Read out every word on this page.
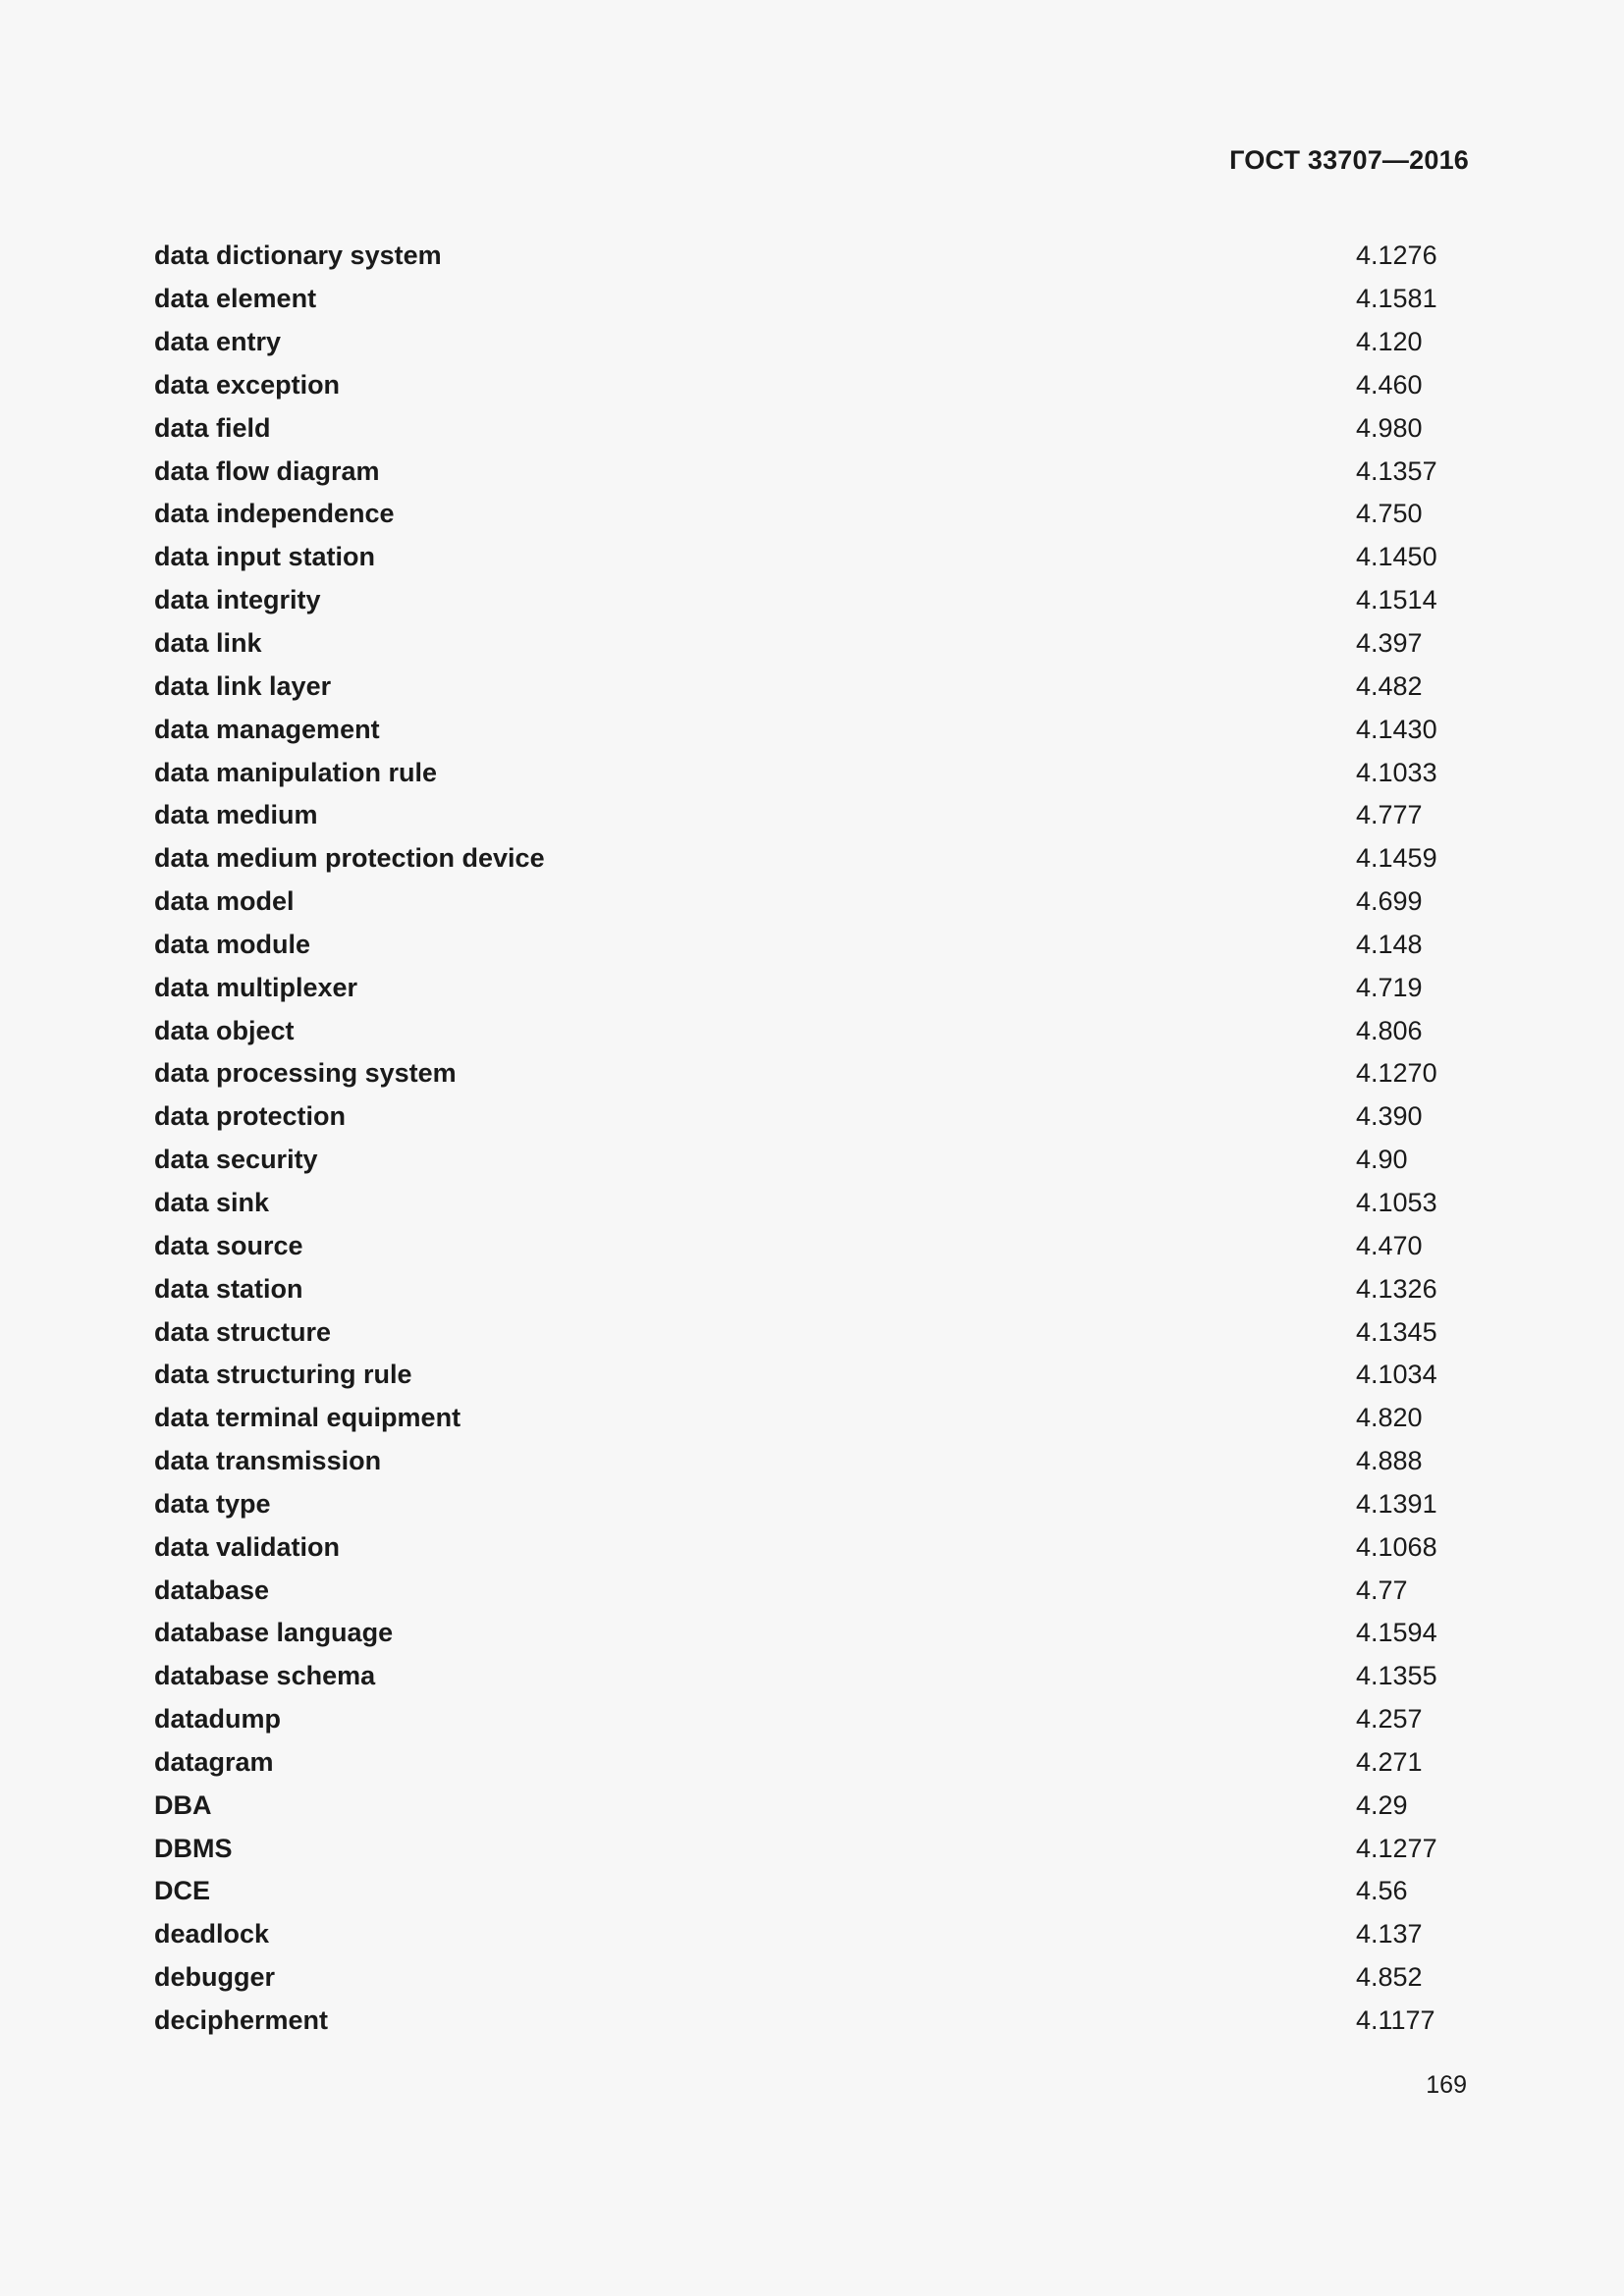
ГОСТ 33707—2016
data dictionary system	4.1276
data element	4.1581
data entry	4.120
data exception	4.460
data field	4.980
data flow diagram	4.1357
data independence	4.750
data input station	4.1450
data integrity	4.1514
data link	4.397
data link layer	4.482
data management	4.1430
data manipulation rule	4.1033
data medium	4.777
data medium protection device	4.1459
data model	4.699
data module	4.148
data multiplexer	4.719
data object	4.806
data processing system	4.1270
data protection	4.390
data security	4.90
data sink	4.1053
data source	4.470
data station	4.1326
data structure	4.1345
data structuring rule	4.1034
data terminal equipment	4.820
data transmission	4.888
data type	4.1391
data validation	4.1068
database	4.77
database language	4.1594
database schema	4.1355
datadump	4.257
datagram	4.271
DBA	4.29
DBMS	4.1277
DCE	4.56
deadlock	4.137
debugger	4.852
decipherment	4.1177
169
